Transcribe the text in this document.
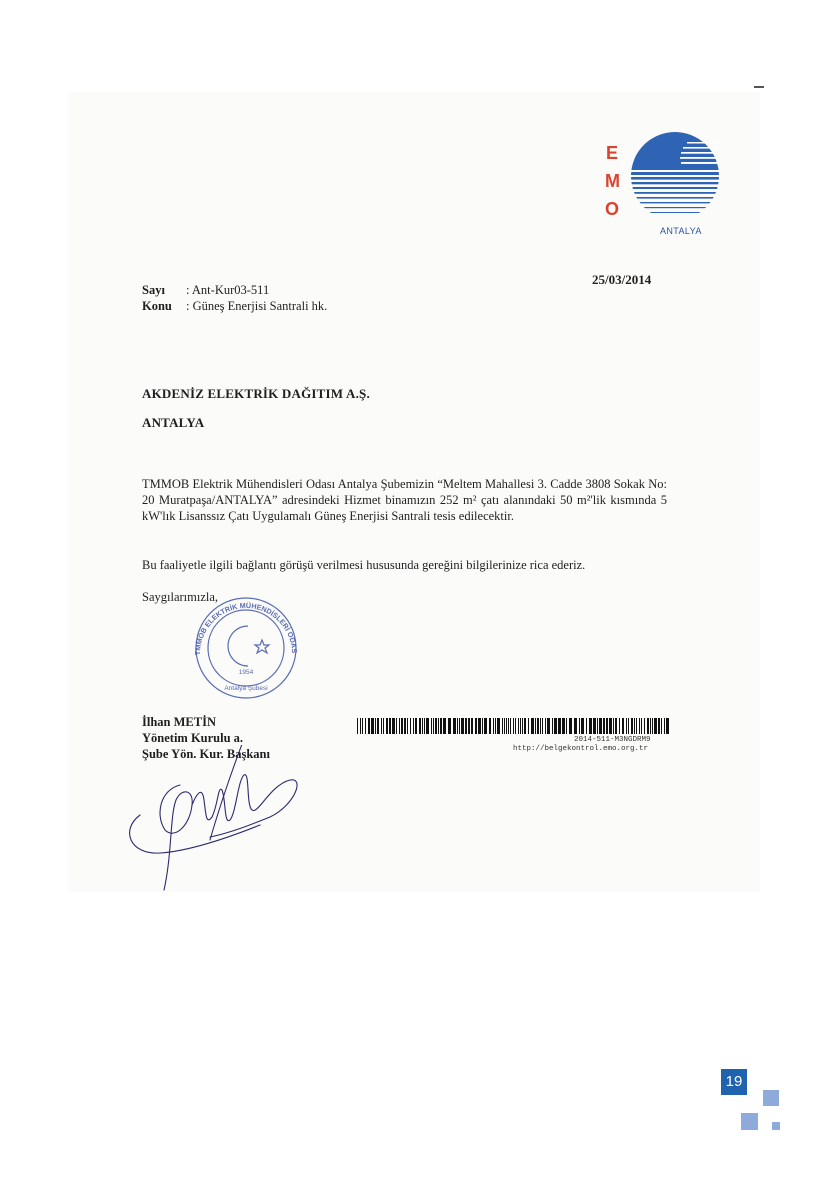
E
M
O
ANTALYA
25/03/2014
Sayı : Ant-Kur03-511
Konu : Güneş Enerjisi Santrali hk.
AKDENİZ ELEKTRİK DAĞITIM A.Ş.
ANTALYA
TMMOB Elektrik Mühendisleri Odası Antalya Şubemizin “Meltem Mahallesi 3. Cadde 3808 Sokak No: 20 Muratpaşa/ANTALYA” adresindeki Hizmet binamızın 252 m² çatı alanındaki 50 m²'lik kısmında 5 kW'lık Lisanssız Çatı Uygulamalı Güneş Enerjisi Santrali tesis edilecektir.
Bu faaliyetle ilgili bağlantı görüşü verilmesi hususunda gereğini bilgilerinize rica ederiz.
Saygılarımızla,
TMMOB ELEKTRİK MÜHENDİSLERİ ODAS
1954
Antalya Şubesi
İlhan METİN
Yönetim Kurulu a.
Şube Yön. Kur. Başkanı
2014-511-M3NGDRM9
http://belgekontrol.emo.org.tr
19
